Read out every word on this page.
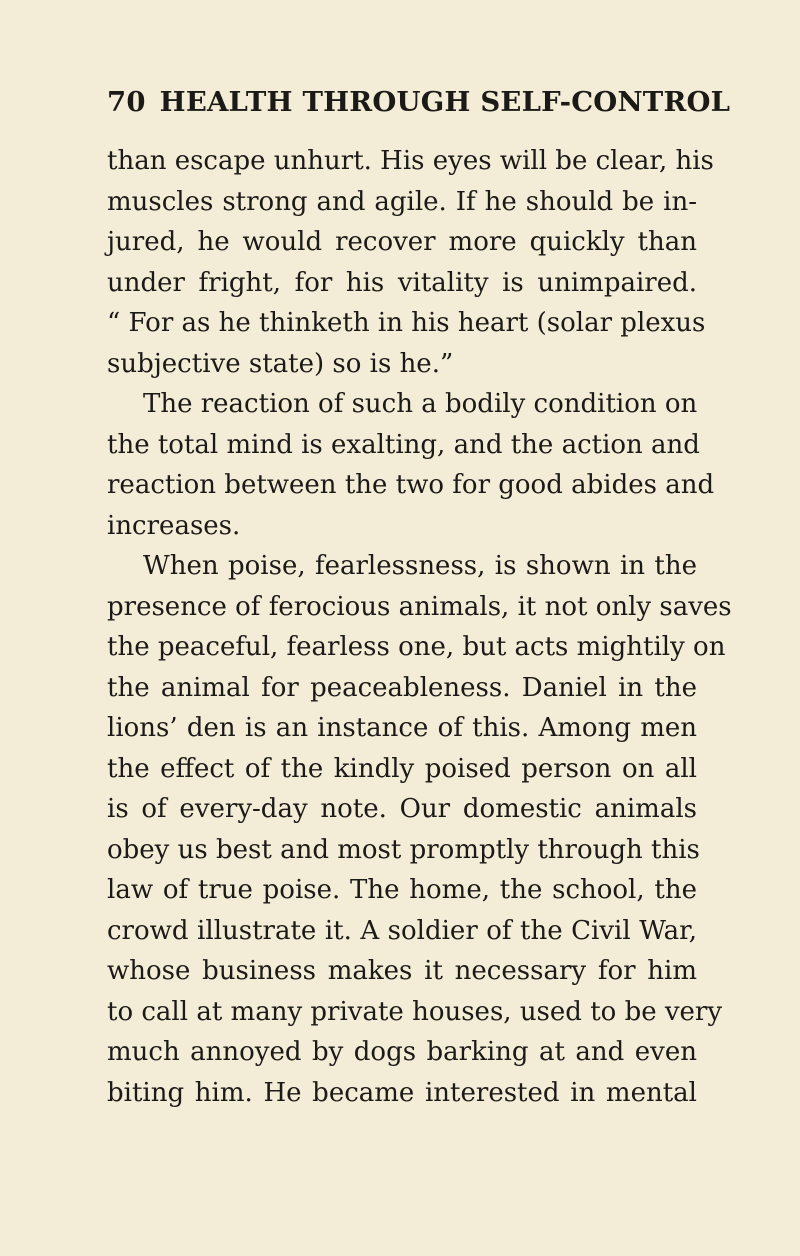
70 HEALTH THROUGH SELF-CONTROL
than escape unhurt. His eyes will be clear, his
muscles strong and agile. If he should be in-
jured, he would recover more quickly than
under fright, for his vitality is unimpaired.
“ For as he thinketh in his heart (solar plexus
subjective state) so is he.”
The reaction of such a bodily condition on
the total mind is exalting, and the action and
reaction between the two for good abides and
increases.
When poise, fearlessness, is shown in the
presence of ferocious animals, it not only saves
the peaceful, fearless one, but acts mightily on
the animal for peaceableness. Daniel in the
lions’ den is an instance of this. Among men
the effect of the kindly poised person on all
is of every-day note. Our domestic animals
obey us best and most promptly through this
law of true poise. The home, the school, the
crowd illustrate it. A soldier of the Civil War,
whose business makes it necessary for him
to call at many private houses, used to be very
much annoyed by dogs barking at and even
biting him. He became interested in mental
